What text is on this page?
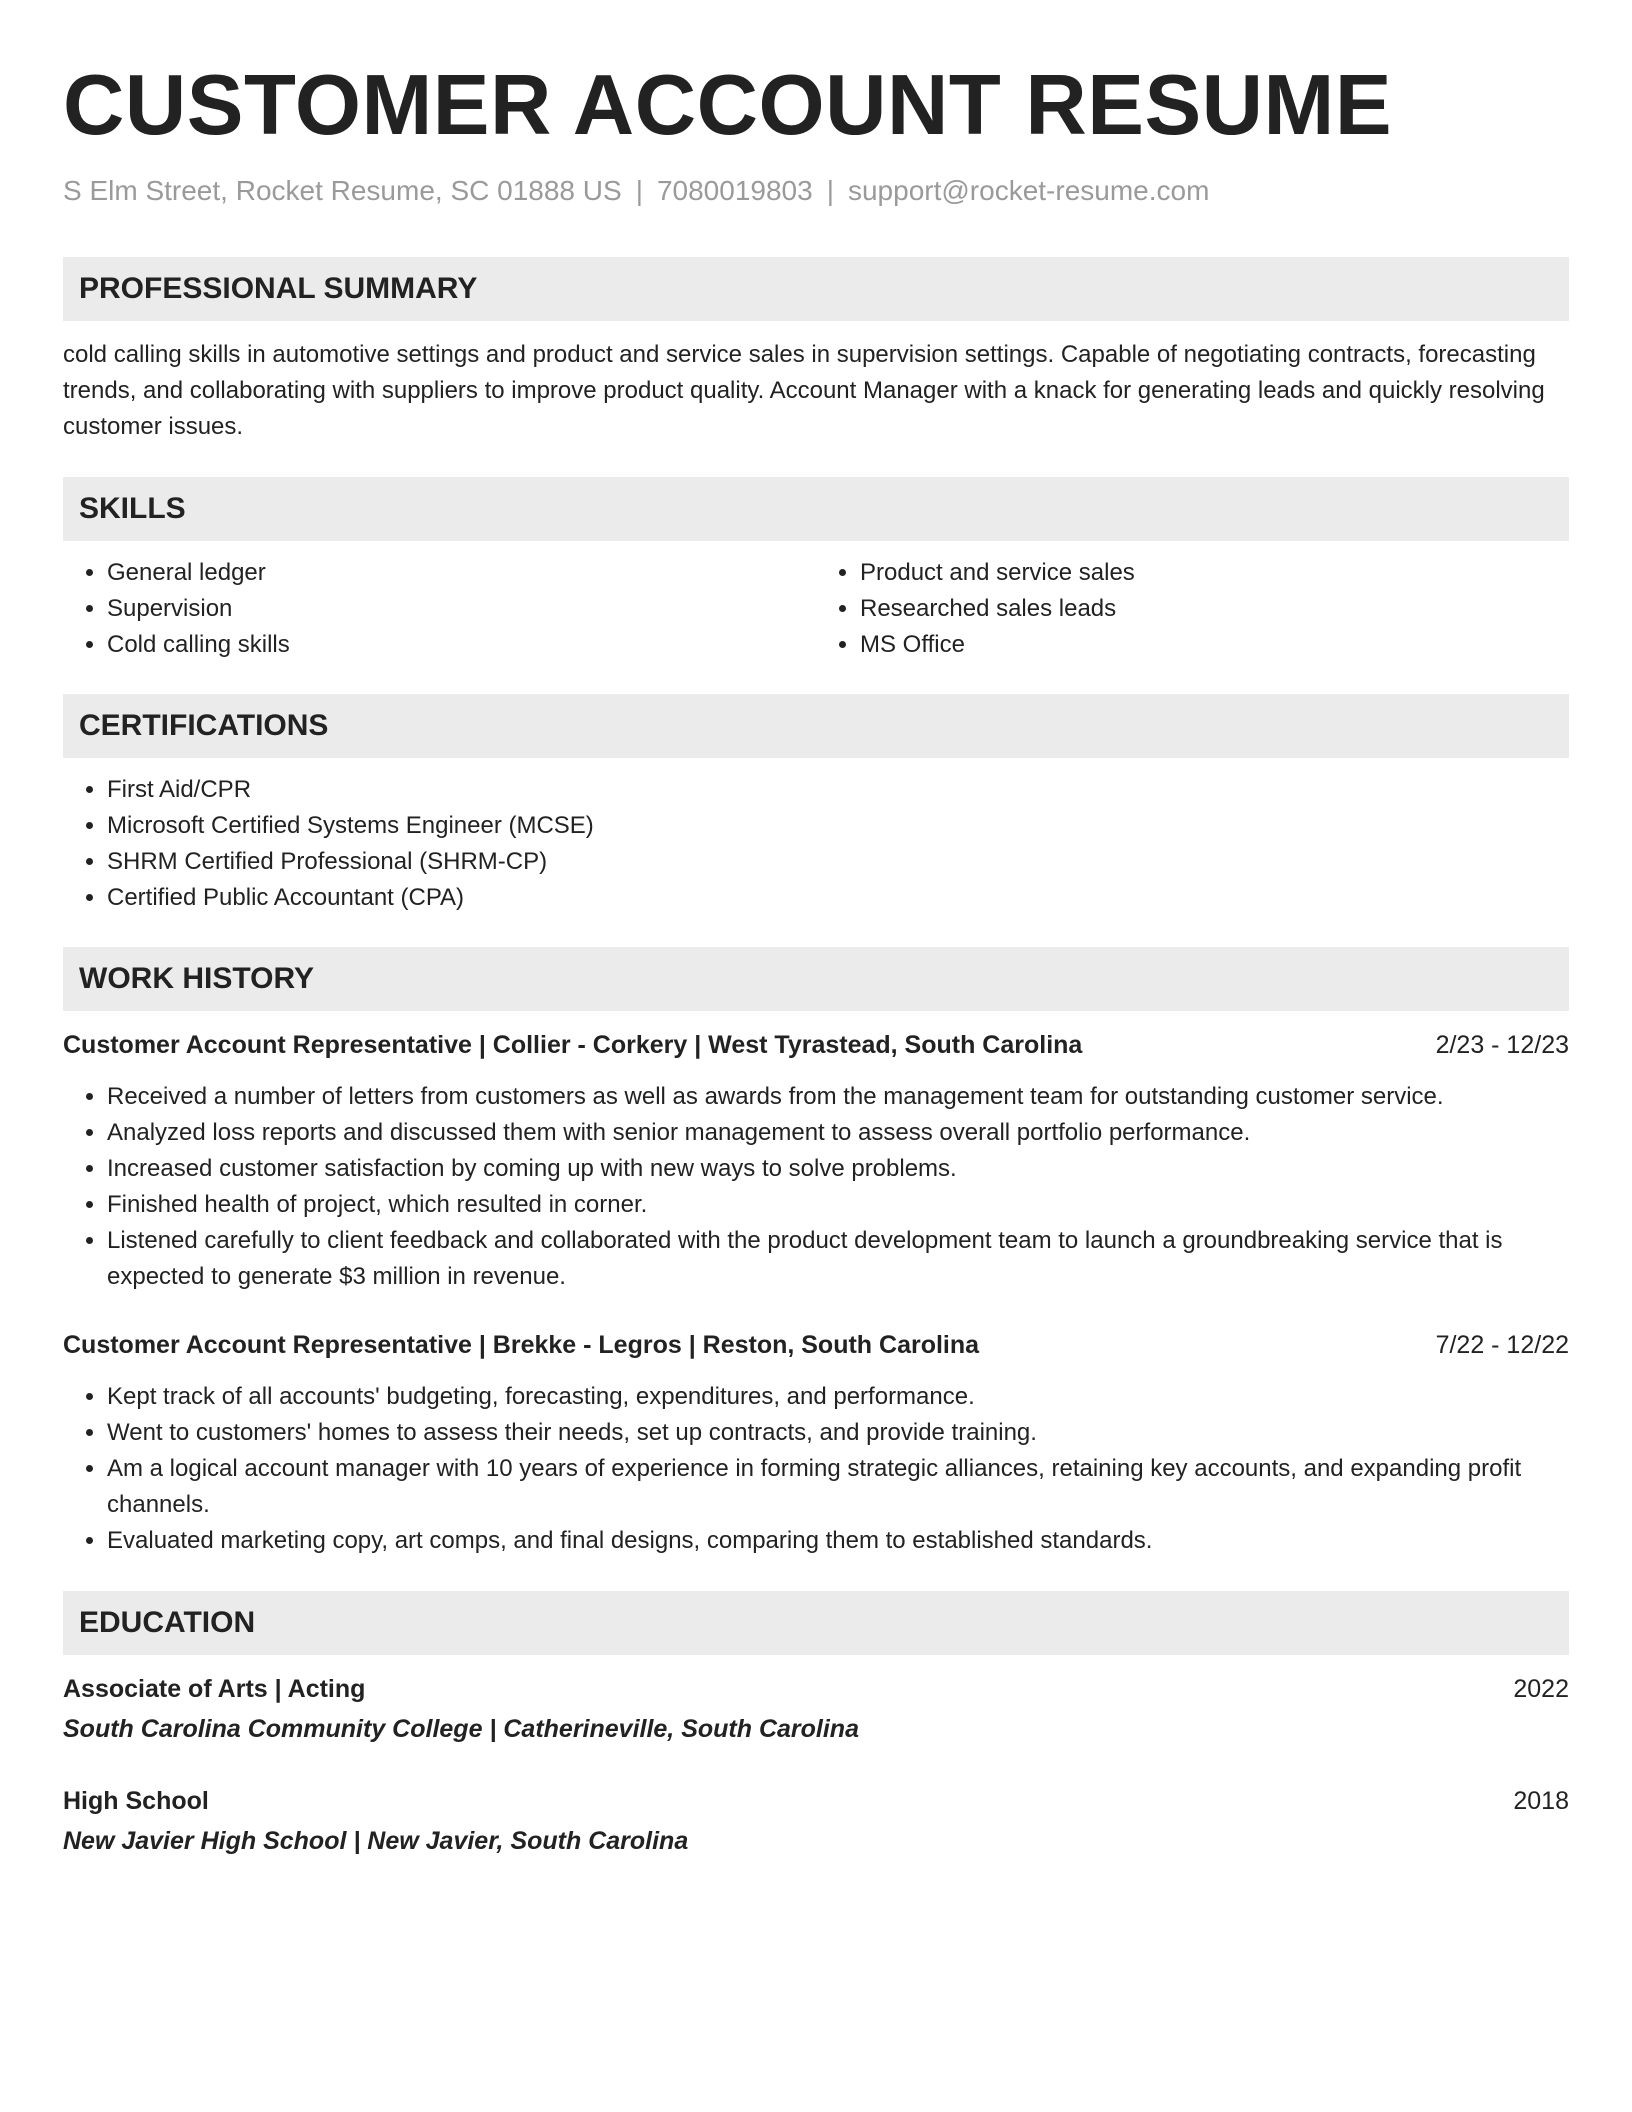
CUSTOMER ACCOUNT RESUME
S Elm Street, Rocket Resume, SC 01888 US | 7080019803 | support@rocket-resume.com
PROFESSIONAL SUMMARY

cold calling skills in automotive settings and product and service sales in supervision settings. Capable of negotiating contracts, forecasting trends, and collaborating with suppliers to improve product quality. Account Manager with a knack for generating leads and quickly resolving customer issues.

SKILLS
• General ledger
• Supervision
• Cold calling skills
• Product and service sales
• Researched sales leads
• MS Office
CERTIFICATIONS
• First Aid/CPR
• Microsoft Certified Systems Engineer (MCSE)
• SHRM Certified Professional (SHRM-CP)
• Certified Public Accountant (CPA)
WORK HISTORY
Customer Account Representative | Collier - Corkery | West Tyrastead, South Carolina	2/23 - 12/23
• Received a number of letters from customers as well as awards from the management team for outstanding customer service.
• Analyzed loss reports and discussed them with senior management to assess overall portfolio performance.
• Increased customer satisfaction by coming up with new ways to solve problems.
• Finished health of project, which resulted in corner.
• Listened carefully to client feedback and collaborated with the product development team to launch a groundbreaking service that is expected to generate $3 million in revenue.
Customer Account Representative | Brekke - Legros | Reston, South Carolina	7/22 - 12/22
• Kept track of all accounts' budgeting, forecasting, expenditures, and performance.
• Went to customers' homes to assess their needs, set up contracts, and provide training.
• Am a logical account manager with 10 years of experience in forming strategic alliances, retaining key accounts, and expanding profit channels.
• Evaluated marketing copy, art comps, and final designs, comparing them to established standards.
EDUCATION
Associate of Arts | Acting	2022
South Carolina Community College | Catherineville, South Carolina
High School	2018
New Javier High School | New Javier, South Carolina
